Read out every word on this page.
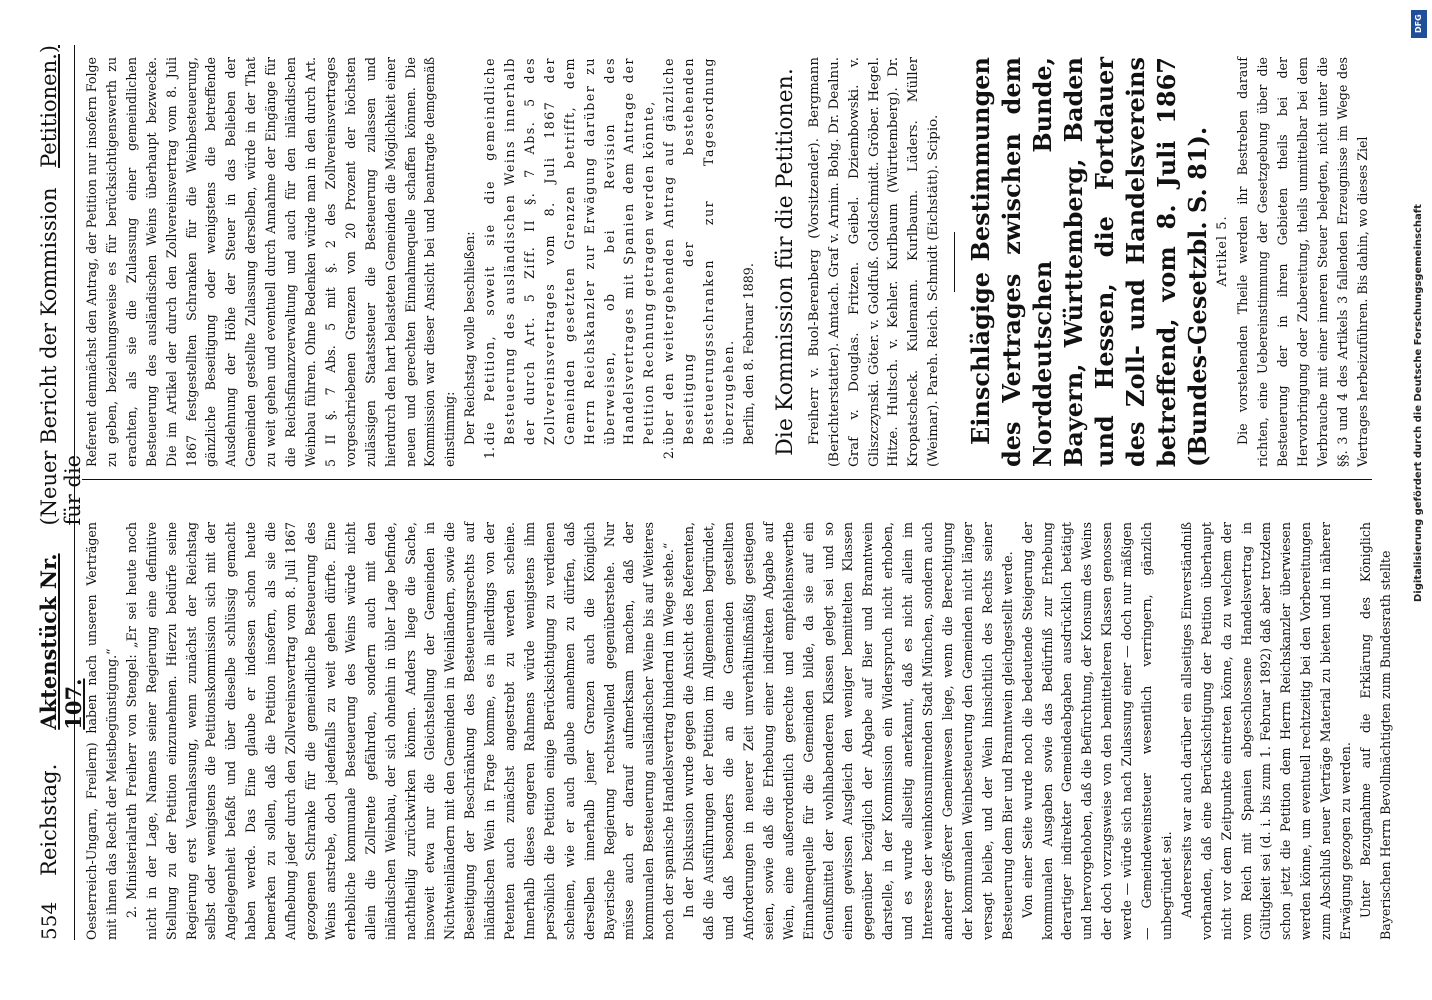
554
Reichstag.
Aktenstück Nr. 107.
(Neuer Bericht der Kommission für die
Petitionen.)

Oesterreich-Ungarn, Freilern) haben nach unseren Verträgen mit ihnen das Recht der Meistbegünstigung.“ 2. Ministerialrath Freiherr von Stengel: „Er sei heute noch nicht in der Lage, Namens seiner Regierung eine definitive Stellung zu der Petition einzunehmen. Hierzu bedürfe seine Regierung erst Veranlassung, wenn zunächst der Reichstag selbst oder wenigstens die Petitionskommission sich mit der Angelegenheit befaßt und über dieselbe schlüssig gemacht haben werde. Das Eine glaube er indessen schon heute bemerken zu sollen, daß die Petition insofern, als sie die Aufhebung jeder durch den Zollvereinsvertrag vom 8. Juli 1867 gezogenen Schranke für die gemeindliche Besteuerung des Weins anstrebe, doch jedenfalls zu weit gehen dürfte. Eine erhebliche kommunale Besteuerung des Weins würde nicht allein die Zollrente gefährden, sondern auch mit den inländischen Weinbau, der sich ohnehin in übler Lage befinde, nachtheilig zurückwirken können. Anders liege die Sache, insoweit etwa nur die Gleichstellung der Gemeinden in Nichtweinländern mit den Gemeinden in Weinländern, sowie die Beseitigung der Beschränkung des Besteuerungsrechts auf inländischen Wein in Frage komme, es in allerdings von der Petenten auch zunächst angestrebt zu werden scheine. Innerhalb dieses engeren Rahmens würde wenigstens ihm persönlich die Petition einige Berücksichtigung zu verdienen scheinen, wie er auch glaube annehmen zu dürfen, daß derselben innerhalb jener Grenzen auch die Königlich Bayerische Regierung rechtswollend gegenüberstehe. Nur müsse auch er darauf aufmerksam machen, daß der kommunalen Besteuerung ausländischer Weine bis auf Weiteres noch der spanische Handelsvertrag hindernd im Wege stehe.“ In der Diskussion wurde gegen die Ansicht des Referenten, daß die Ausführungen der Petition im Allgemeinen begründet, und daß besonders die an die Gemeinden gestellten Anforderungen in neuerer Zeit unverhältnißmäßig gestiegen seien, sowie daß die Erhebung einer indirekten Abgabe auf Wein, eine außerordentlich gerechte und empfehlenswerthe Einnahmequelle für die Gemeinden bilde, da sie auf ein Genußmittel der wohlhabenderen Klassen gelegt sei und so einen gewissen Ausgleich den weniger bemittelten Klassen gegenüber bezüglich der Abgabe auf Bier und Branntwein darstelle, in der Kommission ein Widerspruch nicht erhoben, und es wurde allseitig anerkannt, daß es nicht allein im Interesse der weinkonsumirenden Stadt München, sondern auch anderer größerer Gemeinwesen liege, wenn die Berechtigung der kommunalen Weinbesteuerung den Gemeinden nicht länger versagt bleibe, und der Wein hinsichtlich des Rechts seiner Besteuerung dem Bier und Branntwein gleichgestellt werde. Von einer Seite wurde noch die bedeutende Steigerung der kommunalen Ausgaben sowie das Bedürfniß zur Erhebung derartiger indirekter Gemeindeabgaben ausdrücklich betätigt und hervorgehoben, daß die Befürchtung, der Konsum des Weins der doch vorzugsweise von den bemittelteren Klassen genossen werde — würde sich nach Zulassung einer — doch nur mäßigen — Gemeindeweinsteuer wesentlich verringern, gänzlich unbegründet sei. Andererseits war auch darüber ein allseitiges Einverständniß vorhanden, daß eine Berücksichtigung der Petition überhaupt nicht vor dem Zeitpunkte eintreten könne, da zu welchem der vom Reich mit Spanien abgeschlossene Handelsvertrag in Gültigkeit sei (d. i. bis zum 1. Februar 1892) daß aber trotzdem schon jetzt die Petition dem Herrn Reichskanzler überwiesen werden könne, um eventuell rechtzeitig bei den Vorbereitungen zum Abschluß neuer Verträge Material zu bieten und in näherer Erwägung gezogen zu werden. Unter Bezugnahme auf die Erklärung des Königlich Bayerischen Herrn Bevollmächtigten zum Bundesrath stellte

Referent demnächst den Antrag, der Petition nur insofern Folge zu geben, beziehungsweise es für berücksichtigenswerth zu erachten, als sie die Zulassung einer gemeindlichen Besteuerung des ausländischen Weins überhaupt bezwecke. Die im Artikel der durch den Zollvereinsvertrag vom 8. Juli 1867 festgestellten Schranken für die Weinbesteuerung, gänzliche Beseitigung oder wenigstens die betreffende Ausdehnung der Höhe der Steuer in das Belieben der Gemeinden gestellte Zulassung derselben, würde in der That zu weit gehen und eventuell durch Annahme der Eingänge für die Reichsfinanzverwaltung und auch für den inländischen Weinbau führen. Ohne Bedenken würde man in den durch Art. 5 II §. 7 Abs. 5 mit §. 2 des Zollvereinsvertrages vorgeschriebenen Grenzen von 20 Prozent der höchsten zulässigen Staatssteuer die Besteuerung zulassen und hierdurch den hart belasteten Gemeinden die Möglichkeit einer neuen und gerechten Einnahmequelle schaffen können. Die Kommission war dieser Ansicht bei und beantragte demgemäß einstimmig: Der Reichstag wolle beschließen:

1.die Petition, soweit sie die gemeindliche Besteuerung des ausländischen Weins innerhalb der durch Art. 5 Ziff. II §. 7 Abs. 5 des Zollvereinsvertrages vom 8. Juli 1867 der Gemeinden gesetzten Grenzen betrifft, dem Herrn Reichskanzler zur Erwägung darüber zu überweisen, ob bei Revision des Handelsvertrages mit Spanien dem Antrage der Petition Rechnung getragen werden könnte,
2.über den weitergehenden Antrag auf gänzliche Beseitigung der bestehenden Besteuerungsschranken zur Tagesordnung überzugehen. Berlin, den 8. Februar 1889. Die Kommission für die Petitionen. Freiherr v. Buol-Berenberg (Vorsitzender). Bergmann (Berichterstatter). Amtach. Graf v. Arnim. Bohg. Dr. Dealnu. Graf v. Douglas. Fritzen. Geibel. Dziembowski. v. Gliszczynski. Göter. v. Goldfuß. Goldschmidt. Gröber. Hegel. Hitze. Hultsch. v. Kehler. Kurlbaum (Württemberg). Dr. Kropatscheck. Kulemann. Kurlbaum. Lüders. Müller (Weimar). Pareh. Reich. Schmidt (Eichstätt). Scipio. Einschlägige Bestimmungen des Vertrages zwischen dem Norddeutschen Bunde, Bayern, Württemberg, Baden und Hessen, die Fortdauer des Zoll- und Handelsvereins betreffend, vom 8. Juli 1867 (Bundes-Gesetzbl. S. 81). Artikel 5. Die vorstehenden Theile werden ihr Bestreben darauf richten, eine Uebereinstimmung der Gesetzgebung über die Besteuerung der in ihren Gebieten theils bei der Hervorbringung oder Zubereitung, theils unmittelbar bei dem Verbrauche mit einer inneren Steuer belegten, nicht unter die §§. 3 und 4 des Artikels 3 fallenden Erzeugnisse im Wege des Vertrages herbeizuführen. Bis dahin, wo dieses Ziel

DFG
Digitalisierung gefördert durch die Deutsche Forschungsgemeinschaft
